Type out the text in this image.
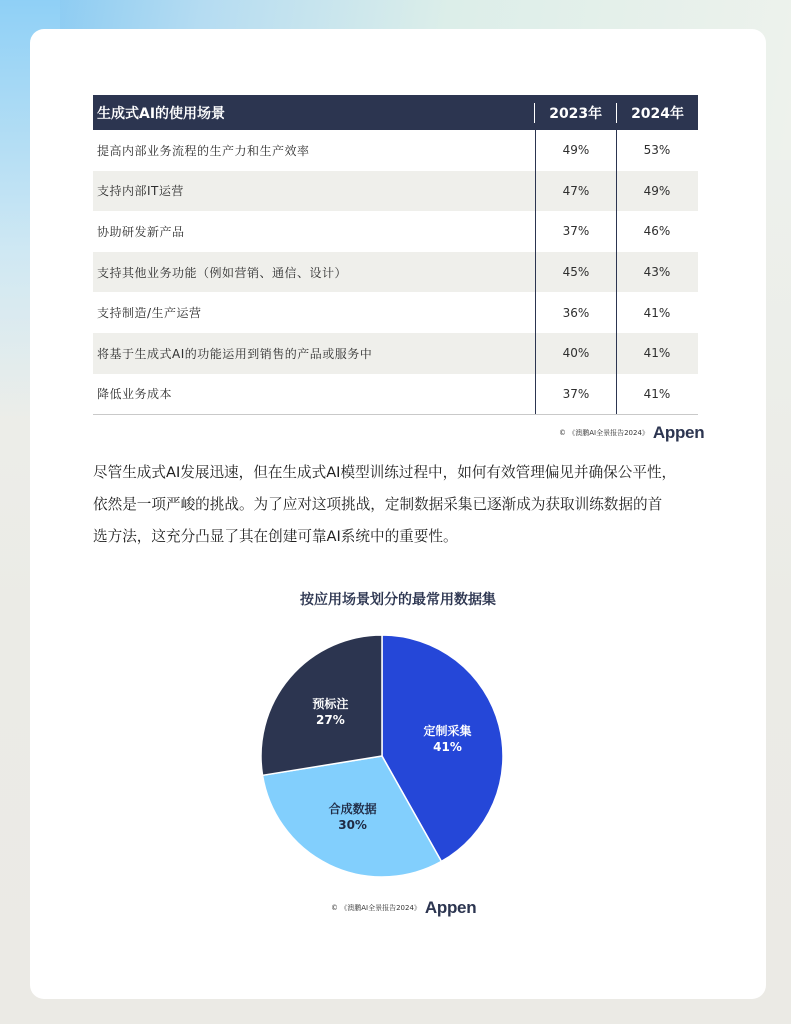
生成式AI的使用场景	2023年	2024年
提高内部业务流程的生产力和生产效率	49%	53%
支持内部IT运营	47%	49%
协助研发新产品	37%	46%
支持其他业务功能（例如营销、通信、设计）	45%	43%
支持制造/生产运营	36%	41%
将基于生成式AI的功能运用到销售的产品或服务中	40%	41%
降低业务成本	37%	41%
© 《澳鹏AI全景报告2024》 Appen

尽管生成式AI发展迅速，但在生成式AI模型训练过程中，如何有效管理偏见并确保公平性，

依然是一项严峻的挑战。为了应对这项挑战，定制数据采集已逐渐成为获取训练数据的首

选方法，这充分凸显了其在创建可靠AI系统中的重要性。

按应用场景划分的最常用数据集
定制采集
41%
合成数据
30%
预标注
27%
© 《澳鹏AI全景报告2024》 Appen
